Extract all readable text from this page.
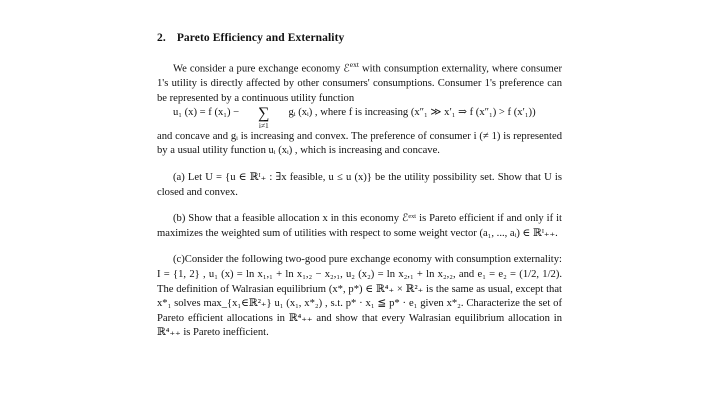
2. Pareto Efficiency and Externality

We consider a pure exchange economy ℰ$^{ext}$ with consumption externality, where consumer 1's utility is directly affected by other consumers' consumptions. Consumer 1's preference can be represented by a continuous utility function
u₁ (x) = f (x₁) −	∑
i≠1
gᵢ (xᵢ) , where f is increasing (x″₁ ≫ x′₁ ⇒ f (x″₁) > f (x′₁))
and concave and gᵢ is increasing and convex. The preference of consumer i (≠ 1) is represented by a usual utility function uᵢ (xᵢ) , which is increasing and concave.

(a) Let U = {u ∈ ℝᴵ₊ : ∃x feasible, u ≤ u (x)} be the utility possibility set. Show that U is closed and convex.

(b) Show that a feasible allocation x in this economy ℰᵉˣᵗ is Pareto efficient if and only if it maximizes the weighted sum of utilities with respect to some weight vector (a₁, ..., aᵢ) ∈ ℝᴵ₊₊.

(c)Consider the following two-good pure exchange economy with consumption externality: I = {1, 2} , u₁ (x) = ln x₁,₁ + ln x₁,₂ − x₂,₁, u₂ (x₂) = ln x₂,₁ + ln x₂,₂, and e₁ = e₂ = (1/2, 1/2). The definition of Walrasian equilibrium (x*, p*) ∈ ℝ⁴₊ × ℝ²₊ is the same as usual, except that x*₁ solves max_{x₁∈ℝ²₊} u₁ (x₁, x*₂) , s.t. p* · x₁ ≦ p* · e₁ given x*₂. Characterize the set of Pareto efficient allocations in ℝ⁴₊₊ and show that every Walrasian equilibrium allocation in ℝ⁴₊₊ is Pareto inefficient.
